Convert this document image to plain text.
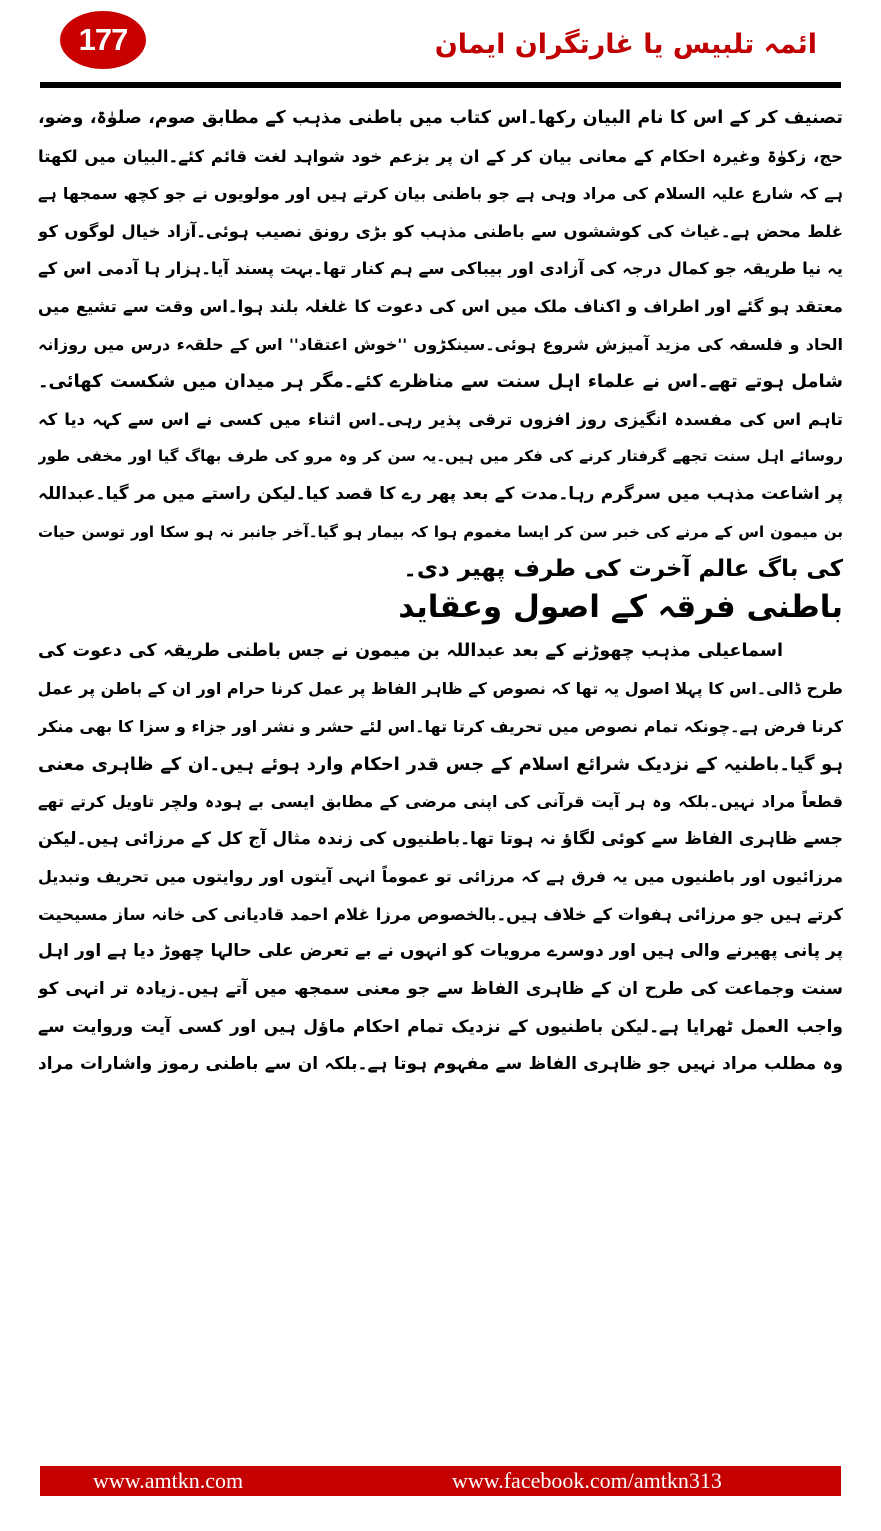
177	ائمہ تلبیس یا غارتگران ایمان
تصنیف کر کے اس کا نام البیان رکھا۔اس کتاب میں باطنی مذہب کے مطابق صوم، صلوٰۃ، وضو،
حج، زکوٰۃ وغیرہ احکام کے معانی بیان کر کے ان پر بزعم خود شواہد لغت قائم کئے۔البیان میں لکھتا
ہے کہ شارع علیہ السلام کی مراد وہی ہے جو باطنی بیان کرتے ہیں اور مولویوں نے جو کچھ سمجھا ہے
غلط محض ہے۔غیاث کی کوششوں سے باطنی مذہب کو بڑی رونق نصیب ہوئی۔آزاد خیال لوگوں کو
یہ نیا طریقہ جو کمال درجہ کی آزادی اور بیباکی سے ہم کنار تھا۔بہت پسند آیا۔ہزار ہا آدمی اس کے
معتقد ہو گئے اور اطراف و اکناف ملک میں اس کی دعوت کا غلغلہ بلند ہوا۔اس وقت سے تشیع میں
الحاد و فلسفہ کی مزید آمیزش شروع ہوئی۔سینکڑوں ''خوش اعتقاد'' اس کے حلقہء درس میں روزانہ
شامل ہوتے تھے۔اس نے علماء اہل سنت سے مناظرے کئے۔مگر ہر میدان میں شکست کھائی۔
تاہم اس کی مفسدہ انگیزی روز افزوں ترقی پذیر رہی۔اس اثناء میں کسی نے اس سے کہہ دیا کہ
روسائے اہل سنت تجھے گرفتار کرنے کی فکر میں ہیں۔یہ سن کر وہ مرو کی طرف بھاگ گیا اور مخفی طور
پر اشاعت مذہب میں سرگرم رہا۔مدت کے بعد پھر رے کا قصد کیا۔لیکن راستے میں مر گیا۔عبداللہ
بن میمون اس کے مرنے کی خبر سن کر ایسا مغموم ہوا کہ بیمار ہو گیا۔آخر جانبر نہ ہو سکا اور توسن حیات
کی باگ عالم آخرت کی طرف پھیر دی۔
باطنی فرقہ کے اصول وعقاید
اسماعیلی مذہب چھوڑنے کے بعد عبداللہ بن میمون نے جس باطنی طریقہ کی دعوت کی
طرح ڈالی۔اس کا پہلا اصول یہ تھا کہ نصوص کے ظاہر الفاظ پر عمل کرنا حرام اور ان کے باطن پر عمل
کرنا فرض ہے۔چونکہ تمام نصوص میں تحریف کرتا تھا۔اس لئے حشر و نشر اور جزاء و سزا کا بھی منکر
ہو گیا۔باطنیہ کے نزدیک شرائع اسلام کے جس قدر احکام وارد ہوئے ہیں۔ان کے ظاہری معنی
قطعاً مراد نہیں۔بلکہ وہ ہر آیت قرآنی کی اپنی مرضی کے مطابق ایسی بے ہودہ ولچر تاویل کرتے تھے
جسے ظاہری الفاظ سے کوئی لگاؤ نہ ہوتا تھا۔باطنیوں کی زندہ مثال آج کل کے مرزائی ہیں۔لیکن
مرزائیوں اور باطنیوں میں یہ فرق ہے کہ مرزائی تو عموماً انہی آیتوں اور روایتوں میں تحریف وتبدیل
کرتے ہیں جو مرزائی ہفوات کے خلاف ہیں۔بالخصوص مرزا غلام احمد قادیانی کی خانہ ساز مسیحیت
پر پانی پھیرنے والی ہیں اور دوسرے مرویات کو انہوں نے بے تعرض علی حالہا چھوڑ دیا ہے اور اہل
سنت وجماعت کی طرح ان کے ظاہری الفاظ سے جو معنی سمجھ میں آتے ہیں۔زیادہ تر انہی کو
واجب العمل ٹھرایا ہے۔لیکن باطنیوں کے نزدیک تمام احکام ماؤل ہیں اور کسی آیت وروایت سے
وہ مطلب مراد نہیں جو ظاہری الفاظ سے مفہوم ہوتا ہے۔بلکہ ان سے باطنی رموز واشارات مراد
www.amtkn.com	www.facebook.com/amtkn313
